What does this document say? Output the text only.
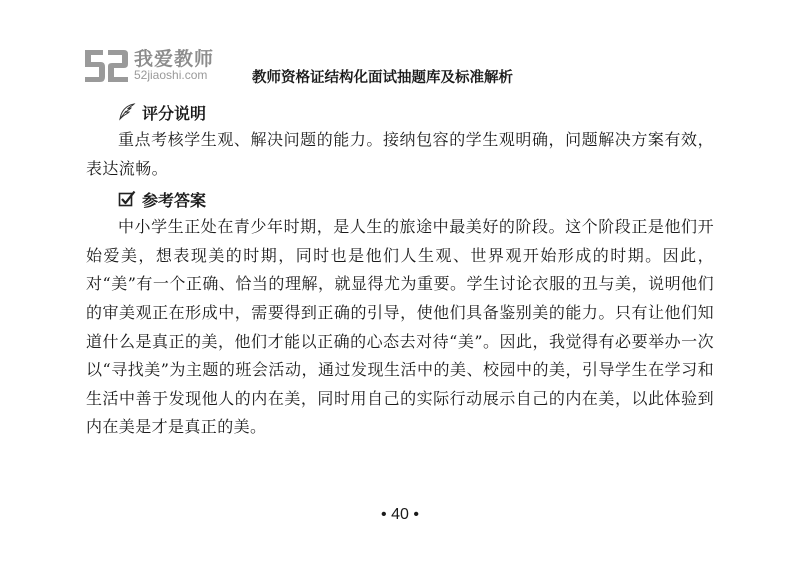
我爱教师
52jiaoshi.com	教师资格证结构化面试抽题库及标准解析
评分说明

重点考核学生观、解决问题的能力。接纳包容的学生观明确，问题解决方案有效，表达流畅。

参考答案

中小学生正处在青少年时期，是人生的旅途中最美好的阶段。这个阶段正是他们开始爱美，想表现美的时期，同时也是他们人生观、世界观开始形成的时期。因此，对“美”有一个正确、恰当的理解，就显得尤为重要。学生讨论衣服的丑与美，说明他们的审美观正在形成中，需要得到正确的引导，使他们具备鉴别美的能力。只有让他们知道什么是真正的美，他们才能以正确的心态去对待“美”。因此，我觉得有必要举办一次以“寻找美”为主题的班会活动，通过发现生活中的美、校园中的美，引导学生在学习和生活中善于发现他人的内在美，同时用自己的实际行动展示自己的内在美，以此体验到内在美是才是真正的美。

• 40 •
